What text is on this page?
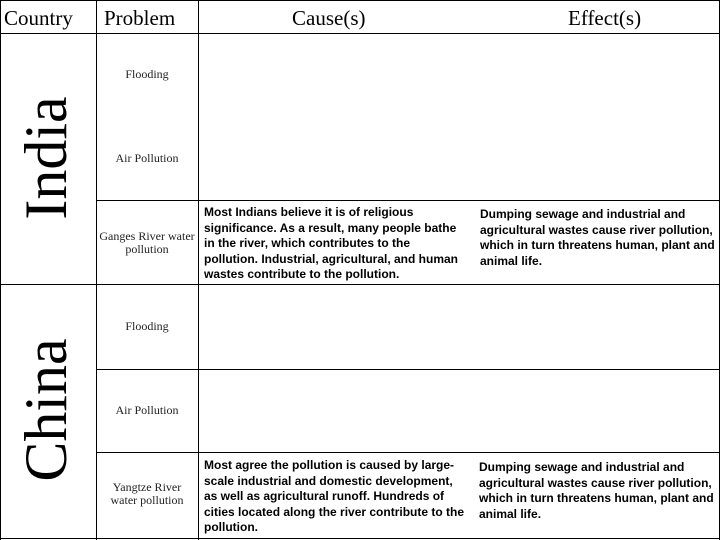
Country Problem	Cause(s)	Effect(s)
India
China
Flooding
Air Pollution
Ganges River water pollution
Most Indians believe it is of religious significance. As a result, many people bathe in the river, which contributes to the pollution. Industrial, agricultural, and human wastes contribute to the pollution.
Dumping sewage and industrial and agricultural wastes cause river pollution, which in turn threatens human, plant and animal life.
Flooding
Air Pollution
Yangtze River water pollution
Most agree the pollution is caused by large-scale industrial and domestic development, as well as agricultural runoff. Hundreds of cities located along the river contribute to the pollution.
Dumping sewage and industrial and agricultural wastes cause river pollution, which in turn threatens human, plant and animal life.
